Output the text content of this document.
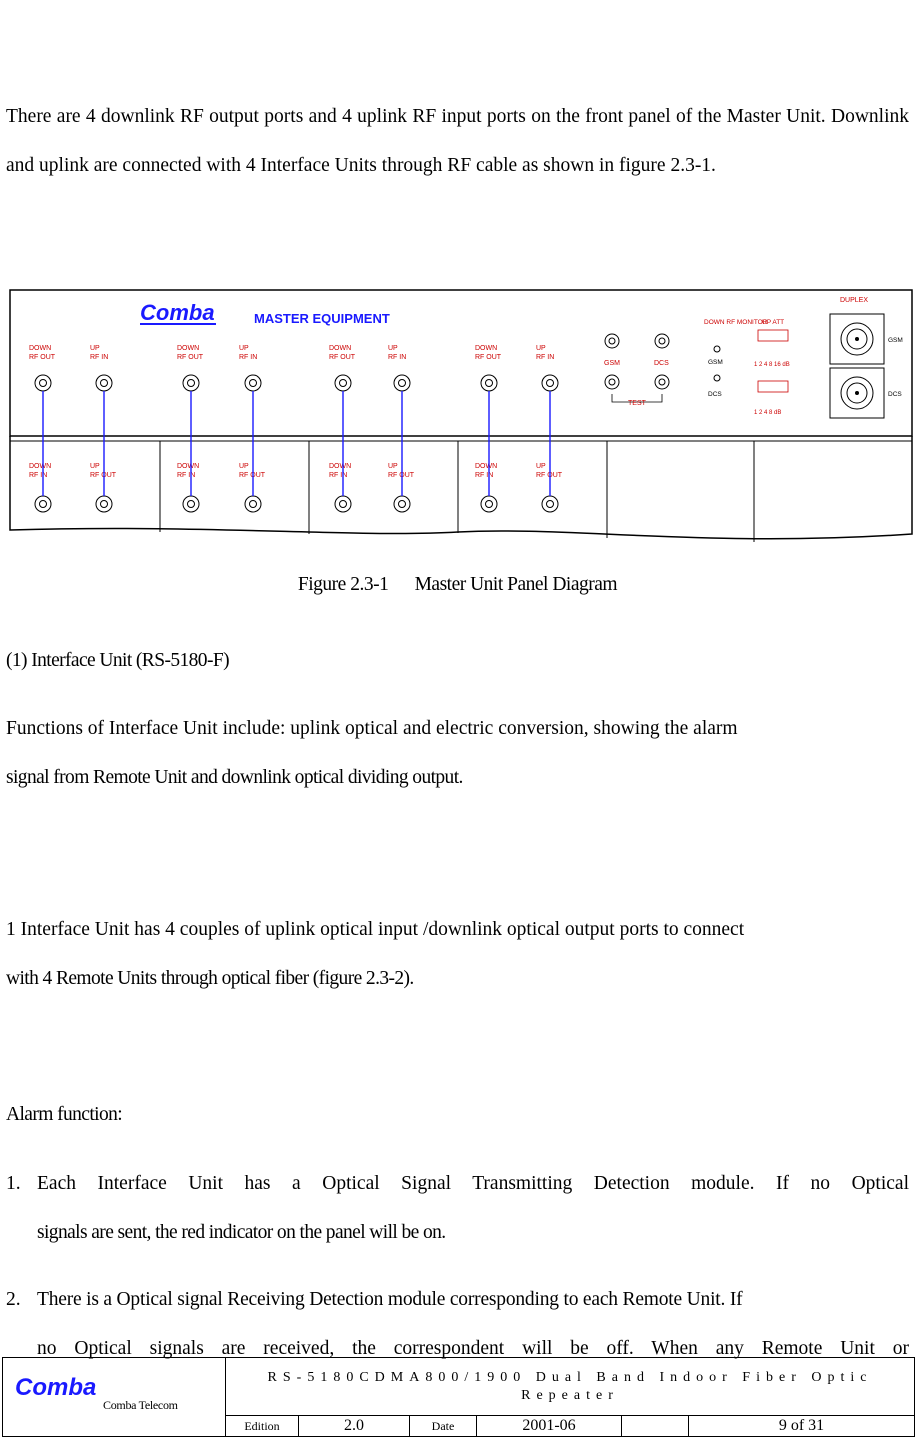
There are 4 downlink RF output ports and 4 uplink RF input ports on the front panel of the Master Unit. Downlink and uplink are connected with 4 Interface Units through RF cable as shown in figure 2.3-1.
Comba	MASTER EQUIPMENT
DOWN
RF OUT
DOWN
RF IN
UP
RF IN
UP
RF OUT
DOWN
RF OUT
DOWN
RF IN
UP
RF IN
UP
RF OUT
DOWN
RF OUT
DOWN
RF IN
UP
RF IN
UP
RF OUT
DOWN
RF OUT
DOWN
RF IN
UP
RF IN
UP
RF OUT
GSM	DCS
TEST
DOWN RF MONITOR
GSM
DCS
UP ATT
1 2 4 8 16 dB
1 2 4 8 dB
DUPLEX
GSM
DCS
Figure 2.3-1 Master Unit Panel Diagram
(1) Interface Unit (RS-5180-F)
Functions of Interface Unit include: uplink optical and electric conversion, showing the alarm
signal from Remote Unit and downlink optical dividing output.
1 Interface Unit has 4 couples of uplink optical input /downlink optical output ports to connect
with 4 Remote Units through optical fiber (figure 2.3-2).
Alarm function:
1. Each Interface Unit has a Optical Signal Transmitting Detection module. If no Optical
signals are sent, the red indicator on the panel will be on.
2. There is a Optical signal Receiving Detection module corresponding to each Remote Unit. If
no Optical signals are received, the correspondent will be off. When any Remote Unit or
Comba
Comba Telecom	RS-5180CDMA800/1900 Dual Band Indoor Fiber Optic Repeater					
	Edition	2.0	Date	2001-06		9 of 31
